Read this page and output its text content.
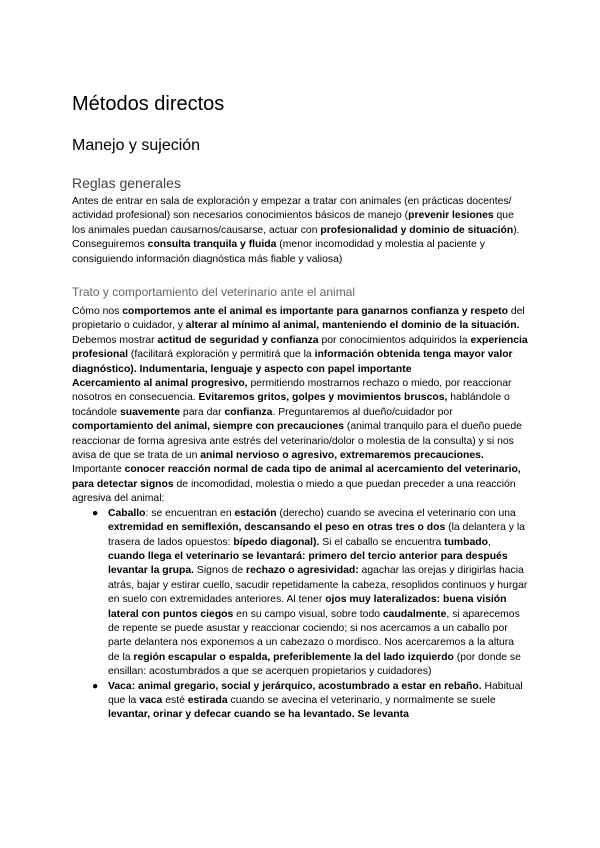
Métodos directos
Manejo y sujeción
Reglas generales

Antes de entrar en sala de exploración y empezar a tratar con animales (en prácticas docentes/ actividad profesional) son necesarios conocimientos básicos de manejo (prevenir lesiones que los animales puedan causarnos/causarse, actuar con profesionalidad y dominio de situación). Conseguiremos consulta tranquila y fluida (menor incomodidad y molestia al paciente y consiguiendo información diagnóstica más fiable y valiosa)

Trato y comportamiento del veterinario ante el animal

Cómo nos comportemos ante el animal es importante para ganarnos confianza y respeto del propietario o cuidador, y alterar al mínimo al animal, manteniendo el dominio de la situación. Debemos mostrar actitud de seguridad y confianza por conocimientos adquiridos la experiencia profesional (facilitará exploración y permitirá que la información obtenida tenga mayor valor diagnóstico). Indumentaria, lenguaje y aspecto con papel importante

Acercamiento al animal progresivo, permitiendo mostrarnos rechazo o miedo, por reaccionar nosotros en consecuencia. Evitaremos gritos, golpes y movimientos bruscos, hablándole o tocándole suavemente para dar confianza. Preguntaremos al dueño/cuidador por comportamiento del animal, siempre con precauciones (animal tranquilo para el dueño puede reaccionar de forma agresiva ante estrés del veterinario/dolor o molestia de la consulta) y si nos avisa de que se trata de un animal nervioso o agresivo, extremaremos precauciones.

Importante conocer reacción normal de cada tipo de animal al acercamiento del veterinario, para detectar signos de incomodidad, molestia o miedo a que puedan preceder a una reacción agresiva del animal:

● Caballo: se encuentran en estación (derecho) cuando se avecina el veterinario con una extremidad en semiflexión, descansando el peso en otras tres o dos (la delantera y la trasera de lados opuestos: bípedo diagonal). Si el caballo se encuentra tumbado, cuando llega el veterinario se levantará: primero del tercio anterior para después levantar la grupa. Signos de rechazo o agresividad: agachar las orejas y dirigirlas hacia atrás, bajar y estirar cuello, sacudir repetidamente la cabeza, resoplidos continuos y hurgar en suelo con extremidades anteriores. Al tener ojos muy lateralizados: buena visión lateral con puntos ciegos en su campo visual, sobre todo caudalmente, si aparecemos de repente se puede asustar y reaccionar cociendo; si nos acercamos a un caballo por parte delantera nos exponemos a un cabezazo o mordisco. Nos acercaremos a la altura de la región escapular o espalda, preferiblemente la del lado izquierdo (por donde se ensillan: acostumbrados a que se acerquen propietarios y cuidadores)
● Vaca: animal gregario, social y jerárquico, acostumbrado a estar en rebaño. Habitual que la vaca esté estirada cuando se avecina el veterinario, y normalmente se suele levantar, orinar y defecar cuando se ha levantado. Se levanta
